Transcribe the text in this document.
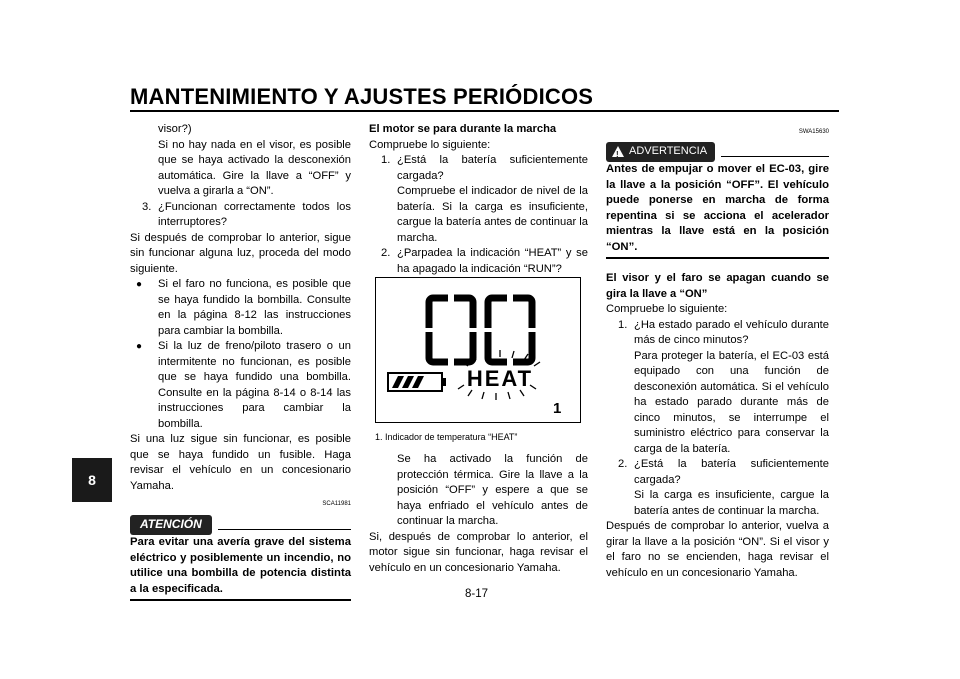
MANTENIMIENTO Y AJUSTES PERIÓDICOS
8

visor?)

Si no hay nada en el visor, es posible que se haya activado la desconexión automática. Gire la llave a “OFF” y vuelva a girarla a “ON”.

3. ¿Funcionan correctamente todos los interruptores?

Si después de comprobar lo anterior, sigue sin funcionar alguna luz, proceda del modo siguiente.

●	Si el faro no funciona, es posible que se haya fundido la bombilla. Consulte en la página 8-12 las instrucciones para cambiar la bombilla.
●	Si la luz de freno/piloto trasero o un intermitente no funcionan, es posible que se haya fundido una bombilla. Consulte en la página 8-14 o 8-14 las instrucciones para cambiar la bombilla.

Si una luz sigue sin funcionar, es posible que se haya fundido un fusible. Haga revisar el vehículo en un concesionario Yamaha.

SCA11981
ATENCIÓN

Para evitar una avería grave del sistema eléctrico y posiblemente un incendio, no utilice una bombilla de potencia distinta a la especificada.

El motor se para durante la marcha

Compruebe lo siguiente:

1. ¿Está la batería suficientemente cargada?

Compruebe el indicador de nivel de la batería. Si la carga es insuficiente, cargue la batería antes de continuar la marcha.

2. ¿Parpadea la indicación “HEAT” y se ha apagado la indicación “RUN”?
HEAT
1
1. Indicador de temperatura “HEAT”

Se ha activado la función de protección térmica. Gire la llave a la posición “OFF” y espere a que se haya enfriado el vehículo antes de continuar la marcha.

Si, después de comprobar lo anterior, el motor sigue sin funcionar, haga revisar el vehículo en un concesionario Yamaha.

SWA15630
! ADVERTENCIA

Antes de empujar o mover el EC-03, gire la llave a la posición “OFF”. El vehículo puede ponerse en marcha de forma repentina si se acciona el acelerador mientras la llave está en la posición “ON”.

El visor y el faro se apagan cuando se gira la llave a “ON”

Compruebe lo siguiente:

1. ¿Ha estado parado el vehículo durante más de cinco minutos?

Para proteger la batería, el EC-03 está equipado con una función de desconexión automática. Si el vehículo ha estado parado durante más de cinco minutos, se interrumpe el suministro eléctrico para conservar la carga de la batería.

2. ¿Está la batería suficientemente cargada?

Si la carga es insuficiente, cargue la batería antes de continuar la marcha.

Después de comprobar lo anterior, vuelva a girar la llave a la posición “ON”. Si el visor y el faro no se encienden, haga revisar el vehículo en un concesionario Yamaha.

8-17
